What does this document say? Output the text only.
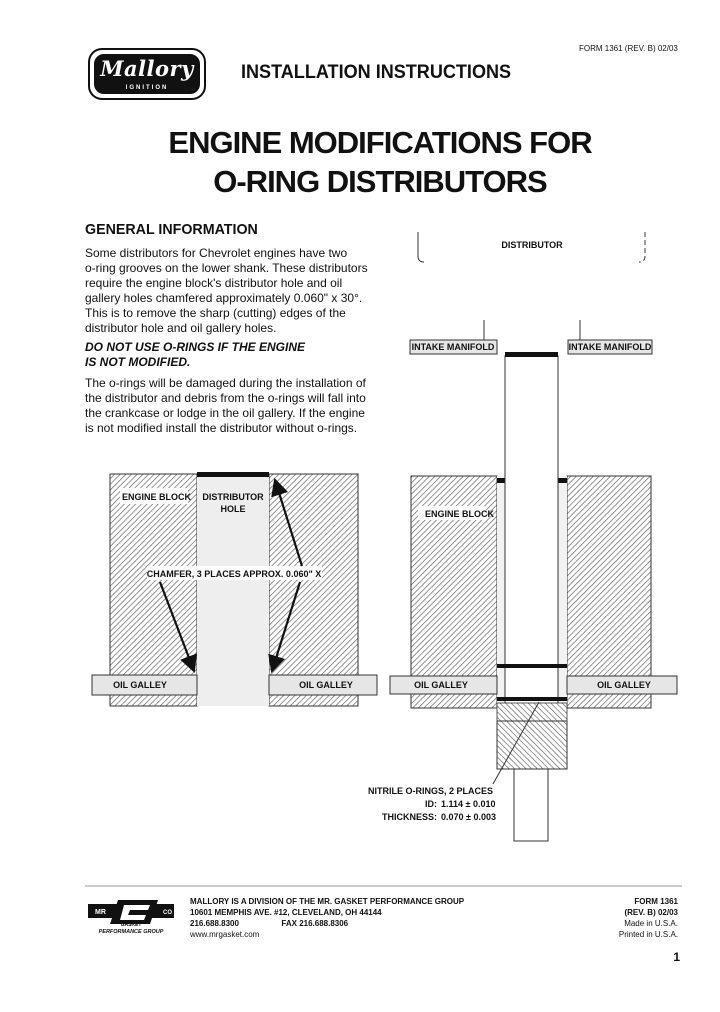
FORM 1361 (REV. B) 02/03
Mallory
IGNITION
INSTALLATION INSTRUCTIONS
ENGINE MODIFICATIONS FOR
O-RING DISTRIBUTORS
GENERAL INFORMATION
Some distributors for Chevrolet engines have two
o-ring grooves on the lower shank. These distributors
require the engine block's distributor hole and oil
gallery holes chamfered approximately 0.060" x 30°.
This is to remove the sharp (cutting) edges of the
distributor hole and oil gallery holes.
DO NOT USE O-RINGS IF THE ENGINE
IS NOT MODIFIED.
The o-rings will be damaged during the installation of
the distributor and debris from the o-rings will fall into
the crankcase or lodge in the oil gallery. If the engine
is not modified install the distributor without o-rings.
ENGINE BLOCK DISTRIBUTOR
HOLE
CHAMFER, 3 PLACES APPROX. 0.060" X
OIL GALLEY	OIL GALLEY
DISTRIBUTOR
INTAKE MANIFOLD	INTAKE MANIFOLD
ENGINE BLOCK
OIL GALLEY	OIL GALLEY
NITRILE O-RINGS, 2 PLACES
ID: 1.114 ± 0.010
THICKNESS: 0.070 ± 0.003
MR	CO
GASKET
PERFORMANCE GROUP
MALLORY IS A DIVISION OF THE MR. GASKET PERFORMANCE GROUP
10601 MEMPHIS AVE. #12, CLEVELAND, OH 44144
216.688.8300	FAX 216.688.8306
www.mrgasket.com
FORM 1361
(REV. B) 02/03
Made in U.S.A.
Printed in U.S.A.
1
